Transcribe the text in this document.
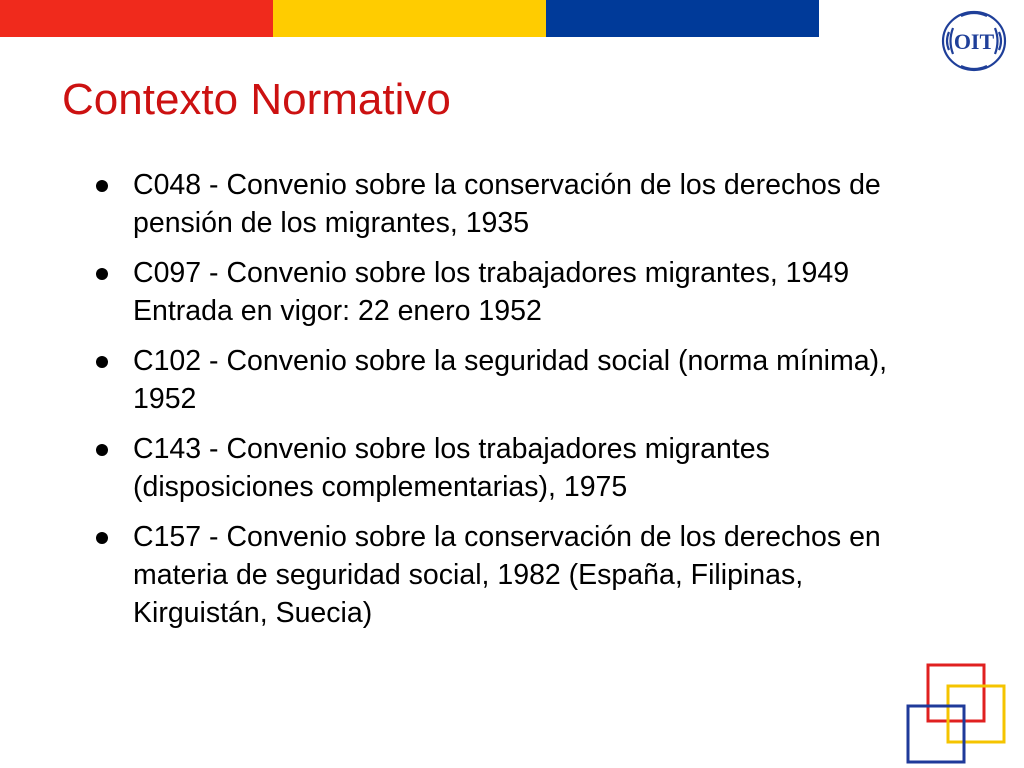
OIT
Contexto Normativo
C048 - Convenio sobre la conservación de los derechos de pensión de los migrantes, 1935
C097 - Convenio sobre los trabajadores migrantes, 1949 Entrada en vigor: 22 enero 1952
C102 - Convenio sobre la seguridad social (norma mínima), 1952
C143 - Convenio sobre los trabajadores migrantes (disposiciones complementarias), 1975
C157 - Convenio sobre la conservación de los derechos en materia de seguridad social, 1982 (España, Filipinas, Kirguistán, Suecia)
